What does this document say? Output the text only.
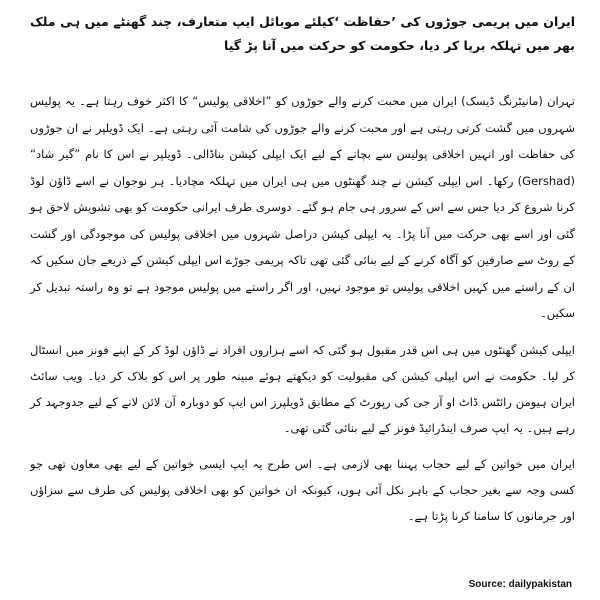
ایران میں پریمی جوڑوں کی ’حفاظت ‘کیلئے موبائل ایپ متعارف، چند گھنٹے میں ہی ملک بھر میں تہلکہ برپا کر دیا، حکومت کو حرکت میں آنا پڑ گیا

تہران (مانیٹرنگ ڈیسک) ایران میں محبت کرنے والے جوڑوں کو ”اخلاقی پولیس“ کا اکثر خوف رہتا ہے۔ یہ پولیس شہروں میں گشت کرتی رہتی ہے اور محبت کرنے والے جوڑوں کی شامت آئی رہتی ہے۔ ایک ڈویلپر نے ان جوڑوں کی حفاظت اور انہیں اخلاقی پولیس سے بچانے کے لیے ایک ایپلی کیشن بناڈالی۔ ڈویلپر نے اس کا نام ”گیر شاد“ (Gershad) رکھا۔ اس ایپلی کیشن نے چند گھنٹوں میں ہی ایران میں تہلکہ مچادیا۔ ہر نوجوان نے اسے ڈاﺅن لوڈ کرنا شروع کر دیا جس سے اس کے سرور ہی جام ہو گئے۔ دوسری طرف ایرانی حکومت کو بھی تشویش لاحق ہو گئی اور اسے بھی حرکت میں آنا پڑا۔ یہ ایپلی کیشن دراصل شہروں میں اخلاقی پولیس کی موجودگی اور گشت کے روٹ سے صارفین کو آگاہ کرنے کے لیے بنائی گئی تھی تاکہ پریمی جوڑے اس ایپلی کیشن کے ذریعے جان سکیں کہ ان کے راستے میں کہیں اخلاقی پولیس تو موجود نہیں، اور اگر راستے میں پولیس موجود ہے تو وہ راستہ تبدیل کر سکیں۔

ایپلی کیشن گھنٹوں میں ہی اس قدر مقبول ہو گئی کہ اسے ہزاروں افراد نے ڈاﺅن لوڈ کر کے اپنے فونز میں انسٹال کر لیا۔ حکومت نے اس ایپلی کیشن کی مقبولیت کو دیکھتے ہوئے مبینہ طور پر اس کو بلاک کر دیا۔ ویب سائٹ ایران ہیومن رائٹس ڈاٹ او آر جی کی رپورٹ کے مطابق ڈویلپرز اس ایپ کو دوبارہ آن لائن لانے کے لیے جدوجہد کر رہے ہیں۔ یہ ایپ صرف اینڈرائیڈ فونز کے لیے بنائی گئی تھی۔

ایران میں خواتین کے لیے حجاب پہننا بھی لازمی ہے۔ اس طرح یہ ایپ ایسی خواتین کے لیے بھی معاون تھی جو کسی وجہ سے بغیر حجاب کے باہر نکل آئی ہوں، کیونکہ ان خواتین کو بھی اخلاقی پولیس کی طرف سے سزاﺅں اور جرمانوں کا سامنا کرنا پڑتا ہے۔

Source: dailypakistan
